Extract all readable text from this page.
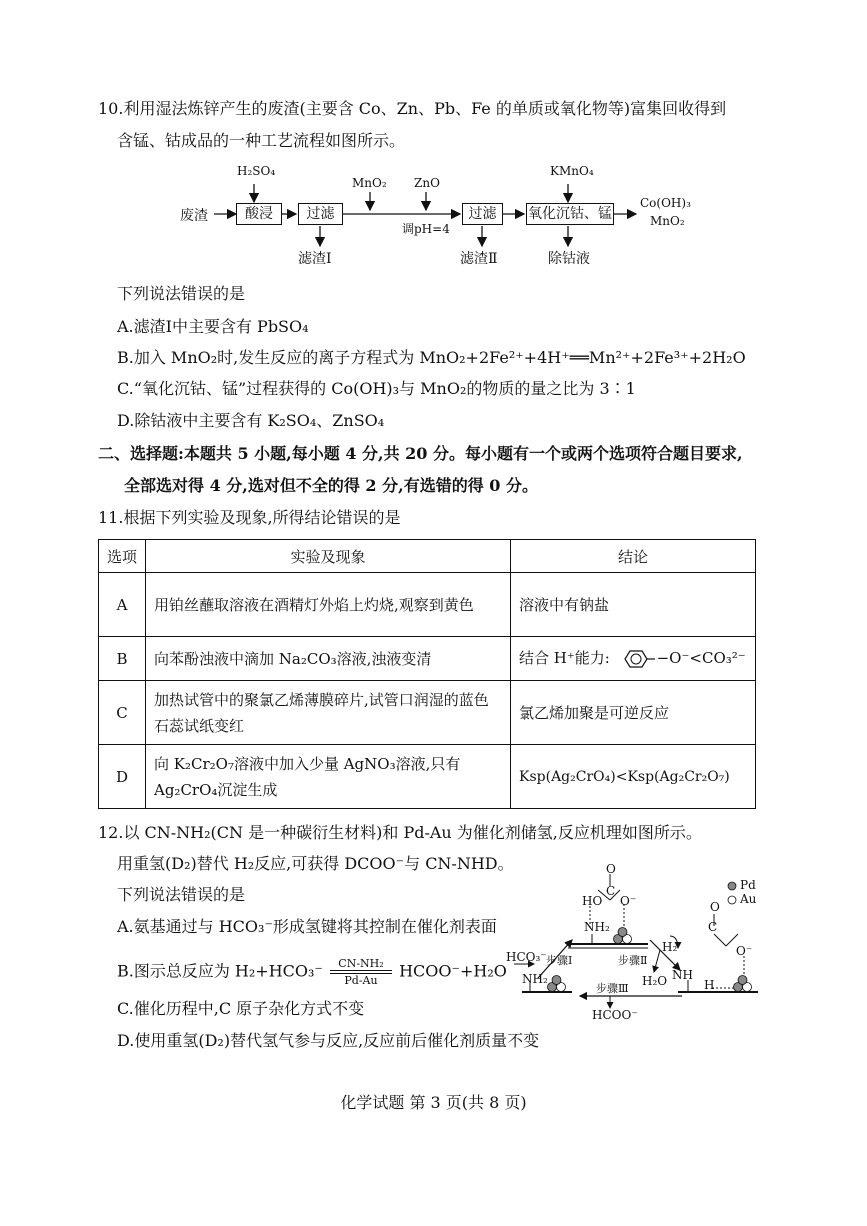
10.利用湿法炼锌产生的废渣(主要含 Co、Zn、Pb、Fe 的单质或氧化物等)富集回收得到
含锰、钴成品的一种工艺流程如图所示。
废渣
H₂SO₄
酸浸	过滤
滤渣Ⅰ
MnO₂ ZnO
调pH=4
过滤
滤渣Ⅱ
KMnO₄
氧化沉钴、锰
Co(OH)₃
MnO₂
除钴液
下列说法错误的是
A.滤渣Ⅰ中主要含有 PbSO₄
B.加入 MnO₂时,发生反应的离子方程式为 MnO₂+2Fe²⁺+4H⁺══Mn²⁺+2Fe³⁺+2H₂O
C.“氧化沉钴、锰”过程获得的 Co(OH)₃与 MnO₂的物质的量之比为 3∶1
D.除钴液中主要含有 K₂SO₄、ZnSO₄
二、选择题:本题共 5 小题,每小题 4 分,共 20 分。每小题有一个或两个选项符合题目要求,
全部选对得 4 分,选对但不全的得 2 分,有选错的得 0 分。
11.根据下列实验及现象,所得结论错误的是
选项	实验及现象	结论
A	用铂丝蘸取溶液在酒精灯外焰上灼烧,观察到黄色	溶液中有钠盐
B	向苯酚浊液中滴加 Na₂CO₃溶液,浊液变清	结合 H⁺能力: −O⁻<CO₃²⁻
C	加热试管中的聚氯乙烯薄膜碎片,试管口润湿的蓝色石蕊试纸变红	氯乙烯加聚是可逆反应
D	向 K₂Cr₂O₇溶液中加入少量 AgNO₃溶液,只有 Ag₂CrO₄沉淀生成	Ksp(Ag₂CrO₄)<Ksp(Ag₂Cr₂O₇)
12.以 CN-NH₂(CN 是一种碳衍生材料)和 Pd-Au 为催化剂储氢,反应机理如图所示。
用重氢(D₂)替代 H₂反应,可获得 DCOO⁻与 CN-NHD。
下列说法错误的是
A.氨基通过与 HCO₃⁻形成氢键将其控制在催化剂表面
B.图示总反应为 $H_2+HCO_3^- \frac{\text{CN-NH₂}}{Pd-Au}$ HCOO⁻+H₂O
C.催化历程中,C 原子杂化方式不变
D.使用重氢(D₂)替代氢气参与反应,反应前后催化剂质量不变
Pd
Au
O
C
HO O⁻
NH₂
HCO₃⁻ 步骤Ⅰ
NH₂
步骤Ⅱ
H₂
H₂O NH
O
C
O⁻
H
步骤Ⅲ
HCOO⁻
化学试题 第 3 页(共 8 页)
